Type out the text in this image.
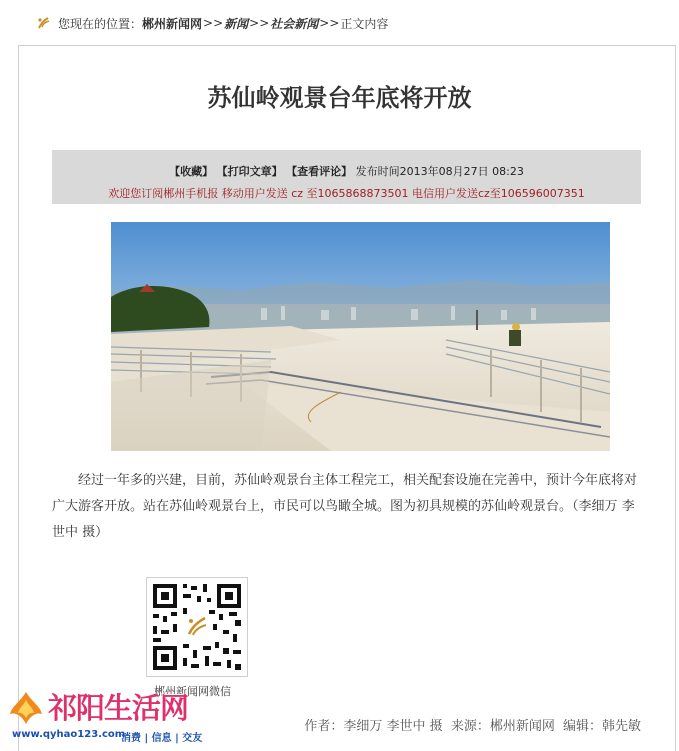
您现在的位置： 郴州新闻网 >> 新闻 >> 社会新闻 >> 正文内容
苏仙岭观景台年底将开放
【收藏】 【打印文章】 【查看评论】 发布时间2013年08月27日 08:23
欢迎您订阅郴州手机报 移动用户发送 cz 至1065868873501 电信用户发送cz至106596007351
经过一年多的兴建，目前，苏仙岭观景台主体工程完工，相关配套设施在完善中，预计今年底将对广大游客开放。站在苏仙岭观景台上，市民可以鸟瞰全城。图为初具规模的苏仙岭观景台。（李细万 李世中 摄）
郴州新闻网微信
作者：李细万 李世中 摄 来源：郴州新闻网 编辑：韩先敏
祁阳生活网
www.qyhao123.com
消费 | 信息 | 交友
